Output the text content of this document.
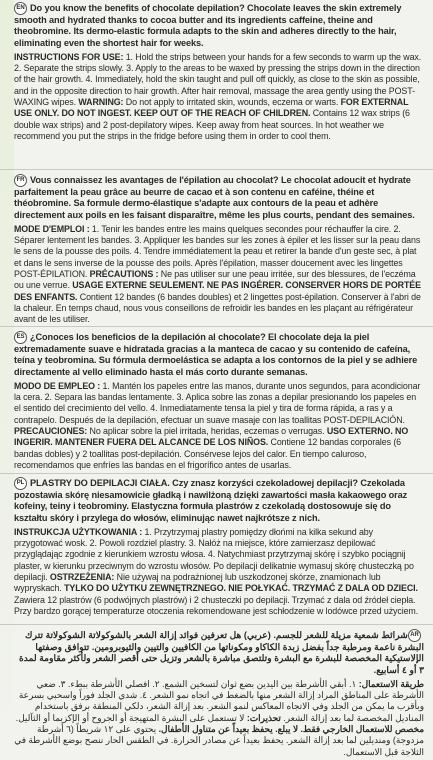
EN Do you know the benefits of chocolate depilation? Chocolate leaves the skin extremely smooth and hydrated thanks to cocoa butter and its ingredients caffeine, theine and theobromine. Its dermo-elastic formula adapts to the skin and adheres directly to the hair, eliminating even the shortest hair for weeks.

INSTRUCTIONS FOR USE: 1. Hold the strips between your hands for a few seconds to warm up the wax. 2. Separate the strips slowly. 3. Apply to the areas to be waxed by pressing the strips down in the direction of the hair growth. 4. Immediately, hold the skin taught and pull off quickly, as close to the skin as possible, and in the opposite direction to hair growth. After hair removal, massage the area gently using the POST-WAXING wipes. WARNING: Do not apply to irritated skin, wounds, eczema or warts. FOR EXTERNAL USE ONLY. DO NOT INGEST. KEEP OUT OF THE REACH OF CHILDREN. Contains 12 wax strips (6 double wax strips) and 2 post-depilatory wipes. Keep away from heat sources. In hot weather we recommend you put the strips in the fridge before using them in order to cool them.

FR Vous connaissez les avantages de l'épilation au chocolat? Le chocolat adoucit et hydrate parfaitement la peau grâce au beurre de cacao et à son contenu en caféine, théine et théobromine. Sa formule dermo-élastique s'adapte aux contours de la peau et adhère directement aux poils en les faisant disparaître, même les plus courts, pendant des semaines.

MODE D'EMPLOI : 1. Tenir les bandes entre les mains quelques secondes pour réchauffer la cire. 2. Séparer lentement les bandes. 3. Appliquer les bandes sur les zones à épiler et les lisser sur la peau dans le sens de la pousse des poils. 4. Tendre immédiatement la peau et retirer la bande d'un geste sec, à plat et dans le sens inverse de la pousse des poils. Après l'épilation, masser doucement avec les lingettes POST-ÉPILATION. PRÉCAUTIONS : Ne pas utiliser sur une peau irritée, sur des blessures, de l'eczéma ou une verrue. USAGE EXTERNE SEULEMENT. NE PAS INGÉRER. CONSERVER HORS DE PORTÉE DES ENFANTS. Contient 12 bandes (6 bandes doubles) et 2 lingettes post-épilation. Conserver à l'abri de la chaleur. En temps chaud, nous vous conseillons de refroidir les bandes en les plaçant au réfrigérateur avant de les utiliser.

ES ¿Conoces los beneficios de la depilación al chocolate? El chocolate deja la piel extremadamente suave e hidratada gracias a la manteca de cacao y su contenido de cafeína, teína y teobromina. Su fórmula dermoelástica se adapta a los contornos de la piel y se adhiere directamente al vello eliminado hasta el más corto durante semanas.

MODO DE EMPLEO : 1. Mantén los papeles entre las manos, durante unos segundos, para acondicionar la cera. 2. Separa las bandas lentamente. 3. Aplica sobre las zonas a depilar presionando los papeles en el sentido del crecimiento del vello. 4. Inmediatamente tensa la piel y tira de forma rápida, a ras y a contrapelo. Después de la depilación, efectuar un suave masaje con las toallitas POST-DEPILACIÓN. PRECAUCIONES: No aplicar sobre la piel irritada, heridas, eczemas o verrugas. USO EXTERNO. NO INGERIR. MANTENER FUERA DEL ALCANCE DE LOS NIÑOS. Contiene 12 bandas corporales (6 bandas dobles) y 2 toallitas post-depilación. Consérvese lejos del calor. En tiempo caluroso, recomendamos que enfríes las bandas en el frigorífico antes de usarlas.

PL PLASTRY DO DEPILACJI CIAŁA. Czy znasz korzyści czekoladowej depilacji? Czekolada pozostawia skórę niesamowicie gładką i nawilżoną dzięki zawartości masła kakaowego oraz kofeiny, teiny i teobrominy. Elastyczna formuła plastrów z czekoladą dostosowuje się do kształtu skóry i przylega do włosów, eliminując nawet najkrótsze z nich.

INSTRUKCJA UŻYTKOWANIA : 1. Przytrzymaj plastry pomiędzy dłońmi na kilka sekund aby przygotować wosk. 2. Powoli rozdziel plastry. 3. Nałóż na miejsce, które zamierzasz depilować przyglądając zgodnie z kierunkiem wzrostu włosa. 4. Natychmiast przytrzymaj skórę i szybko pociągnij plaster, w kierunku przeciwnym do wzrostu włosów. Po depilacji delikatnie wymasuj skórę chusteczką po depilacji. OSTRZEŻENIA: Nie używaj na podrażnionej lub uszkodzonej skórze, znamionach lub wypryskach. TYLKO DO UŻYTKU ZEWNĘTRZNEGO. NIE POŁYKAĆ. TRZYMAĆ Z DALA OD DZIECI. Zawiera 12 plastrów (6 podwójnych plastrów) i 2 chusteczki po depilacji. Trzymać z dala od źródeł ciepła. Przy bardzo gorącej temperaturze otoczenia rekomendowane jest schłodzenie w lodówce przed użyciem.

ARشرائط شمعية مزيلة للشعر للجسم. (عربي) هل تعرفين فوائد إزالة الشعر بالشوكولاتة الشوكولاتة تترك البشرة ناعمة ومرطبة جداً بفضل زبدة الكاكاو ومكوناتها من الكافيين والتيين والثيوبرومين. تتوافق وصفتها الإلاستيكية المخصصة للبشرة مع البشرة وتلتصق مباشرة بالشعر وتزيل حتى أقصر الشعر ولأكثر مقاومة لمدة ٣ أو ٤ أسابيع.

طريقة الاستعمال: ١. أبقي الأشرطة بين اليدين بضع ثوان لتسخين الشمع. ٢. افصلي الأشرطة ببطء. ٣. ضعي الأشرطة على المناطق المراد إزالة الشعر منها بالضغط في اتجاه نمو الشعر. ٤. شدي الجلد فوراً واسحبي بسرعة وبأقرب ما يمكن من الجلد وفي الاتجاه المعاكس لنمو الشعر. بعد إزالة الشعر، دلكي المنطقة برفق باستخدام المناديل المخصصة لما بعد إزالة الشعر. تحذيرات: لا تستعمل على البشرة المتهيجة أو الجروح أو الإكزيما أو الثآليل. مخصص للاستعمال الخارجي فقط. لا يبلع. يحفظ بعيداً عن متناول الأطفال. يحتوي على ١٢ شريطاً (٦ أشرطة مزدوجة) ومنديلين لما بعد إزالة الشعر. يحفظ بعيداً عن مصادر الحرارة. في الطقس الحار ننصح بوضع الأشرطة في الثلاجة قبل الاستعمال.
